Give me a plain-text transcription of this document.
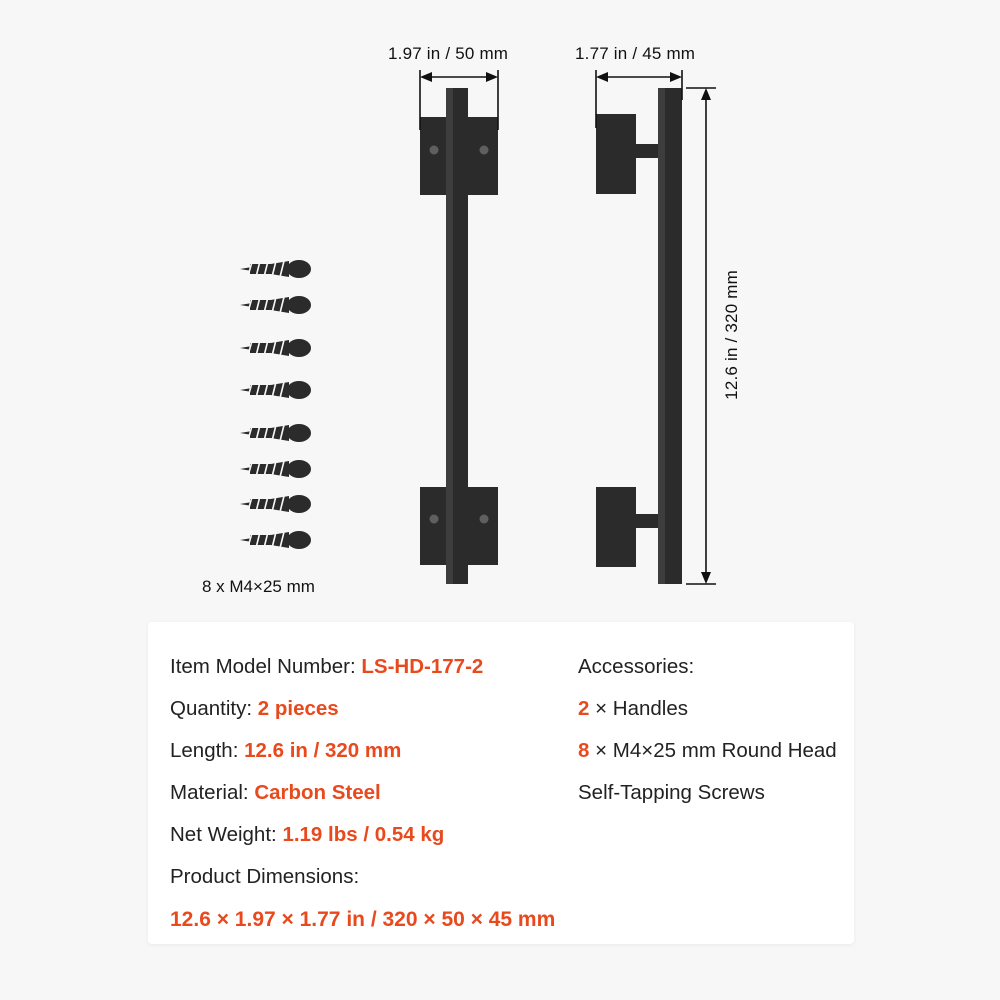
1.97 in / 50 mm	1.77 in / 45 mm
12.6 in / 320 mm
8 x M4×25 mm
Item Model Number: LS-HD-177-2
Quantity: 2 pieces
Length: 12.6 in / 320 mm
Material: Carbon Steel
Net Weight: 1.19 lbs / 0.54 kg
Product Dimensions:
12.6 × 1.97 × 1.77 in / 320 × 50 × 45 mm
Accessories:
2 × Handles
8 × M4×25 mm Round Head Self-Tapping Screws
